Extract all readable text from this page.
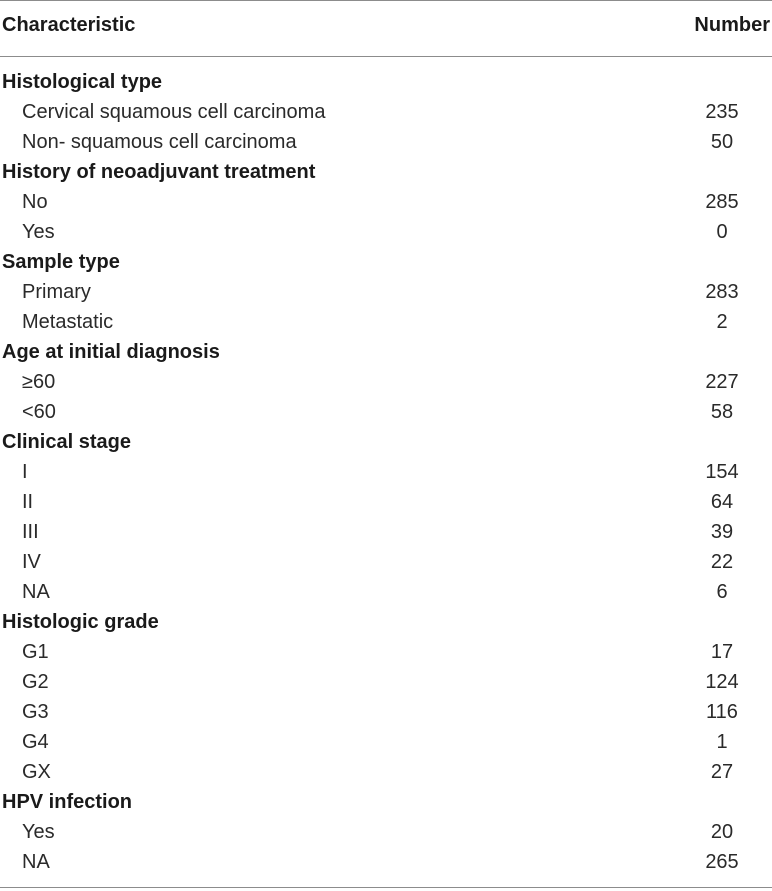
Characteristic	Number
Histological type
Cervical squamous cell carcinoma	235
Non- squamous cell carcinoma	50
History of neoadjuvant treatment
No	285
Yes	0
Sample type
Primary	283
Metastatic	2
Age at initial diagnosis
≥60	227
<60	58
Clinical stage
I	154
II	64
III	39
IV	22
NA	6
Histologic grade
G1	17
G2	124
G3	116
G4	1
GX	27
HPV infection
Yes	20
NA	265
